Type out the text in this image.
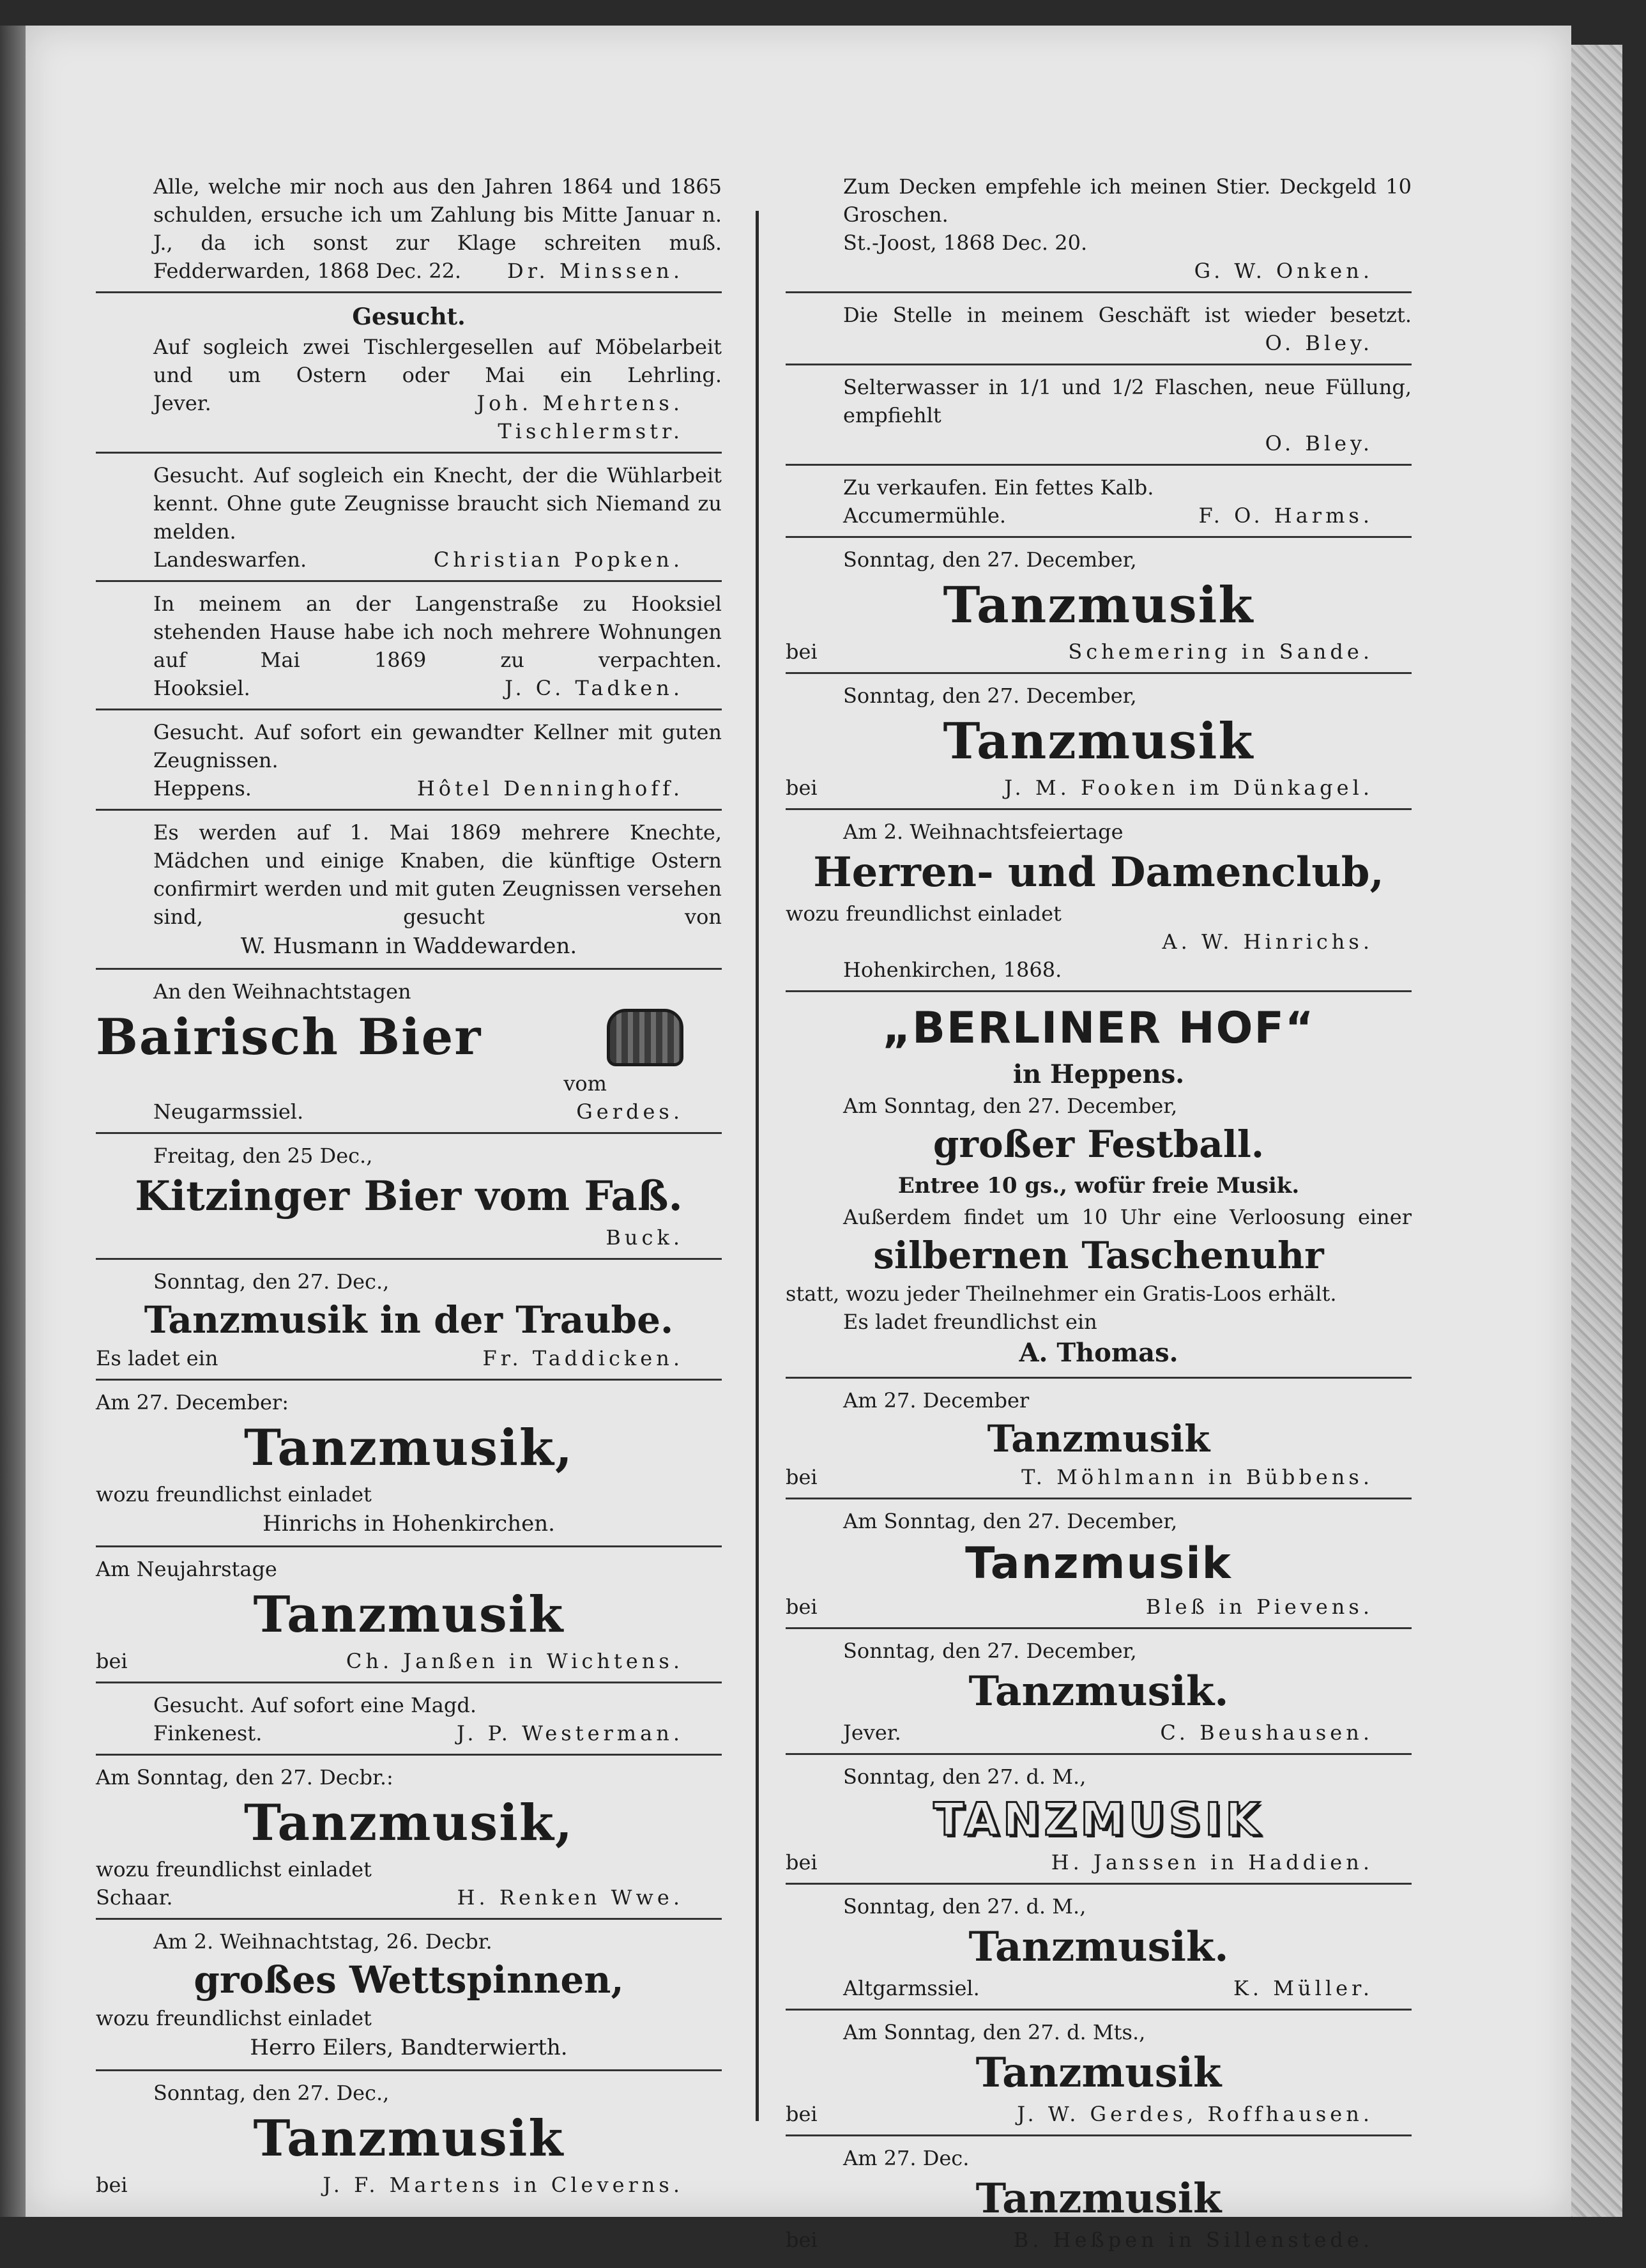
Alle, welche mir noch aus den Jahren 1864 und 1865 schulden, ersuche ich um Zahlung bis Mitte Januar n. J., da ich sonst zur Klage schreiten muß.

Fedderwarden, 1868 Dec. 22. Dr. Minssen.
Gesucht.

Auf sogleich zwei Tischlergesellen auf Möbelarbeit und um Ostern oder Mai ein Lehrling.

Jever.	Joh. Mehrtens.
Tischlermstr.

Gesucht. Auf sogleich ein Knecht, der die Wühlarbeit kennt. Ohne gute Zeugnisse braucht sich Niemand zu melden.

Landeswarfen.	Christian Popken.

In meinem an der Langenstraße zu Hooksiel stehenden Hause habe ich noch mehrere Wohnungen auf Mai 1869 zu verpachten.

Hooksiel.	J. C. Tadken.

Gesucht. Auf sofort ein gewandter Kellner mit guten Zeugnissen.

Heppens.	Hôtel Denninghoff.

Es werden auf 1. Mai 1869 mehrere Knechte, Mädchen und einige Knaben, die künftige Ostern confirmirt werden und mit guten Zeugnissen versehen sind, gesucht von

W. Husmann in Waddewarden.

An den Weihnachtstagen

Bairisch Bier
vom
Neugarmssiel.	Gerdes.

Freitag, den 25 Dec.,

Kitzinger Bier vom Faß.
Buck.

Sonntag, den 27. Dec.,

Tanzmusik in der Traube.
Es ladet ein	Fr. Taddicken.

Am 27. December:

Tanzmusik,

wozu freundlichst einladet

Hinrichs in Hohenkirchen.

Am Neujahrstage

Tanzmusik
bei	Ch. Janßen in Wichtens.

Gesucht. Auf sofort eine Magd.

Finkenest.	J. P. Westerman.

Am Sonntag, den 27. Decbr.:

Tanzmusik,

wozu freundlichst einladet

Schaar.	H. Renken Wwe.

Am 2. Weihnachtstag, 26. Decbr.

großes Wettspinnen,

wozu freundlichst einladet

Herro Eilers, Bandterwierth.

Sonntag, den 27. Dec.,

Tanzmusik
bei	J. F. Martens in Cleverns.

Zum Decken empfehle ich meinen Stier. Deckgeld 10 Groschen.

St.-Joost, 1868 Dec. 20.

G. W. Onken.

Die Stelle in meinem Geschäft ist wieder besetzt.

O. Bley.

Selterwasser in 1/1 und 1/2 Flaschen, neue Füllung, empfiehlt

O. Bley.

Zu verkaufen. Ein fettes Kalb.

Accumermühle.	F. O. Harms.

Sonntag, den 27. December,

Tanzmusik
bei	Schemering in Sande.

Sonntag, den 27. December,

Tanzmusik
bei	J. M. Fooken im Dünkagel.

Am 2. Weihnachtsfeiertage

Herren- und Damenclub,

wozu freundlichst einladet

A. W. Hinrichs.

Hohenkirchen, 1868.

„BERLINER HOF“
in Heppens.

Am Sonntag, den 27. December,

großer Festball.
Entree 10 gs., wofür freie Musik.

Außerdem findet um 10 Uhr eine Verloosung einer

silbernen Taschenuhr

statt, wozu jeder Theilnehmer ein Gratis-Loos erhält.

Es ladet freundlichst ein

A. Thomas.

Am 27. December

Tanzmusik
bei	T. Möhlmann in Bübbens.

Am Sonntag, den 27. December,

Tanzmusik
bei	Bleß in Pievens.

Sonntag, den 27. December,

Tanzmusik.
Jever.	C. Beushausen.

Sonntag, den 27. d. M.,

TANZMUSIK
bei	H. Janssen in Haddien.

Sonntag, den 27. d. M.,

Tanzmusik.
Altgarmssiel.	K. Müller.

Am Sonntag, den 27. d. Mts.,

Tanzmusik
bei	J. W. Gerdes, Roffhausen.

Am 27. Dec.

Tanzmusik
bei	B. Heßpen in Sillenstede.
